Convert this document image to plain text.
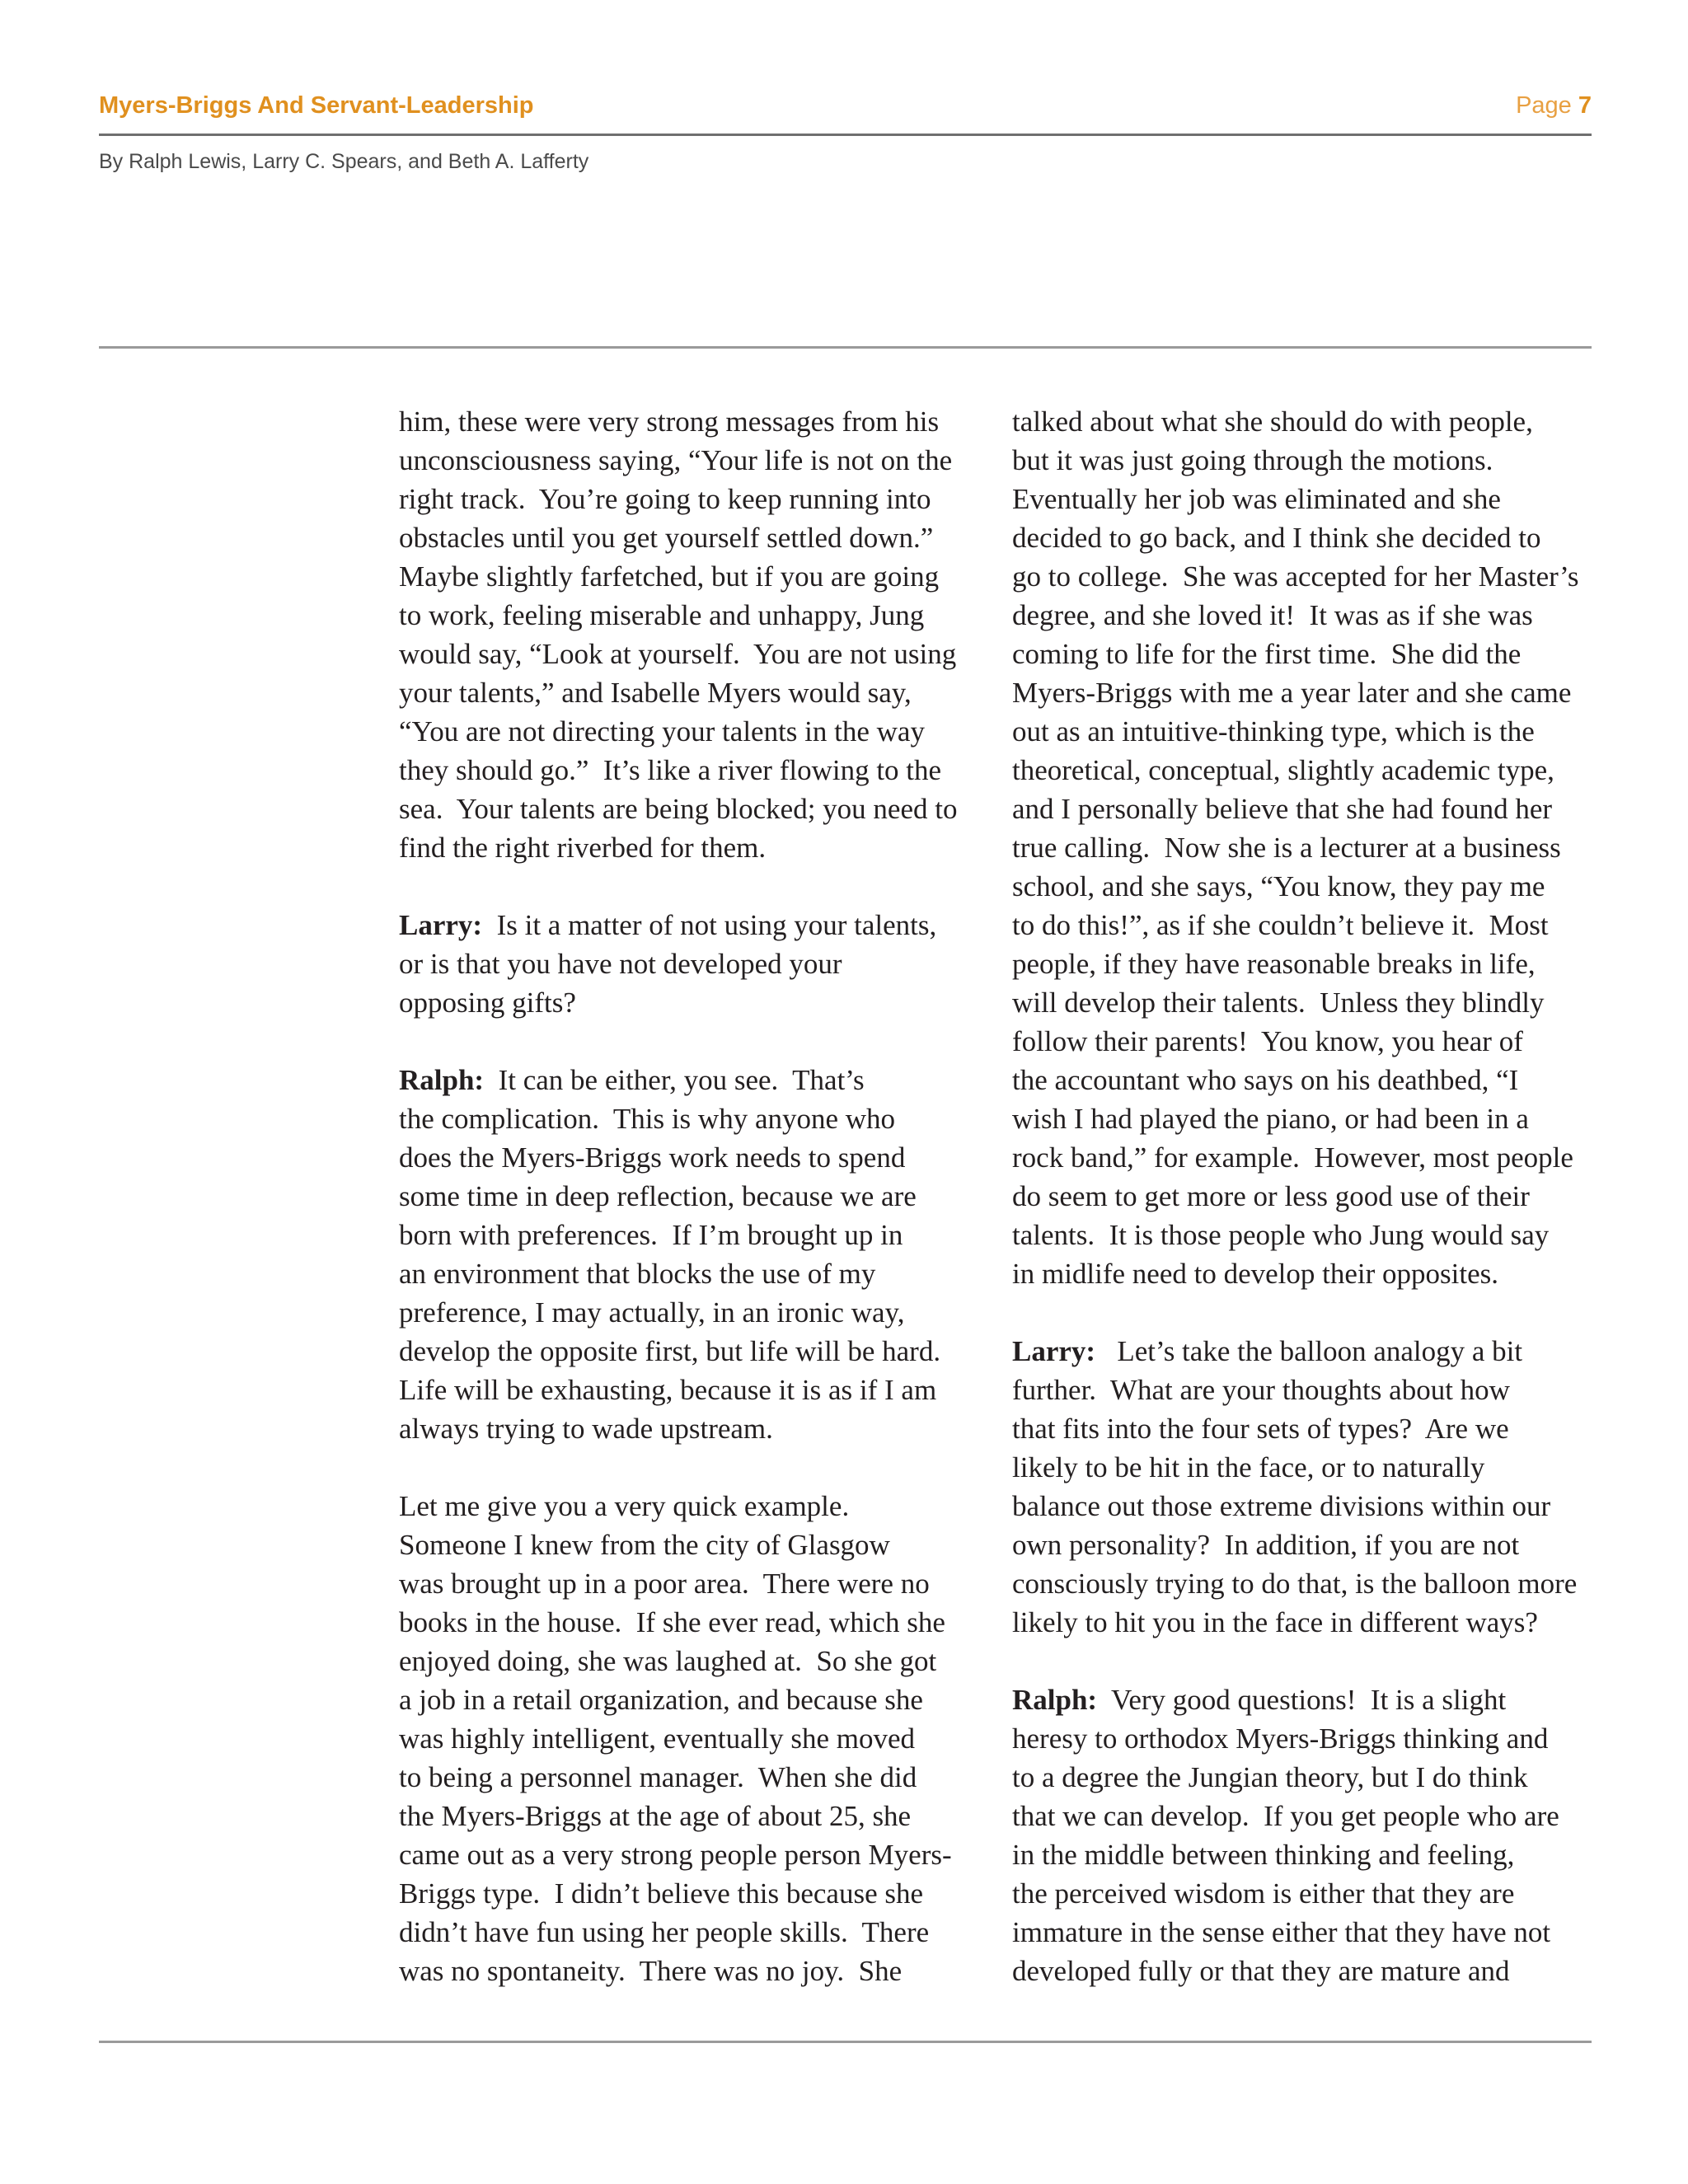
Myers-Briggs And Servant-Leadership	Page 7
By Ralph Lewis, Larry C. Spears, and Beth A. Lafferty
him, these were very strong messages from his
unconsciousness saying, “Your life is not on the
right track.  You’re going to keep running into
obstacles until you get yourself settled down.”
Maybe slightly farfetched, but if you are going
to work, feeling miserable and unhappy, Jung
would say, “Look at yourself.  You are not using
your talents,” and Isabelle Myers would say,
“You are not directing your talents in the way
they should go.”  It’s like a river flowing to the
sea.  Your talents are being blocked; you need to
find the right riverbed for them.
Larry:  Is it a matter of not using your talents,
or is that you have not developed your
opposing gifts?
Ralph:  It can be either, you see.  That’s
the complication.  This is why anyone who
does the Myers-Briggs work needs to spend
some time in deep reflection, because we are
born with preferences.  If I’m brought up in
an environment that blocks the use of my
preference, I may actually, in an ironic way,
develop the opposite first, but life will be hard.
Life will be exhausting, because it is as if I am
always trying to wade upstream.
Let me give you a very quick example.
Someone I knew from the city of Glasgow
was brought up in a poor area.  There were no
books in the house.  If she ever read, which she
enjoyed doing, she was laughed at.  So she got
a job in a retail organization, and because she
was highly intelligent, eventually she moved
to being a personnel manager.  When she did
the Myers-Briggs at the age of about 25, she
came out as a very strong people person Myers-
Briggs type.  I didn’t believe this because she
didn’t have fun using her people skills.  There
was no spontaneity.  There was no joy.  She
talked about what she should do with people,
but it was just going through the motions.
Eventually her job was eliminated and she
decided to go back, and I think she decided to
go to college.  She was accepted for her Master’s
degree, and she loved it!  It was as if she was
coming to life for the first time.  She did the
Myers-Briggs with me a year later and she came
out as an intuitive-thinking type, which is the
theoretical, conceptual, slightly academic type,
and I personally believe that she had found her
true calling.  Now she is a lecturer at a business
school, and she says, “You know, they pay me
to do this!”, as if she couldn’t believe it.  Most
people, if they have reasonable breaks in life,
will develop their talents.  Unless they blindly
follow their parents!  You know, you hear of
the accountant who says on his deathbed, “I
wish I had played the piano, or had been in a
rock band,” for example.  However, most people
do seem to get more or less good use of their
talents.  It is those people who Jung would say
in midlife need to develop their opposites.
Larry:   Let’s take the balloon analogy a bit
further.  What are your thoughts about how
that fits into the four sets of types?  Are we
likely to be hit in the face, or to naturally
balance out those extreme divisions within our
own personality?  In addition, if you are not
consciously trying to do that, is the balloon more
likely to hit you in the face in different ways?
Ralph:  Very good questions!  It is a slight
heresy to orthodox Myers-Briggs thinking and
to a degree the Jungian theory, but I do think
that we can develop.  If you get people who are
in the middle between thinking and feeling,
the perceived wisdom is either that they are
immature in the sense either that they have not
developed fully or that they are mature and
